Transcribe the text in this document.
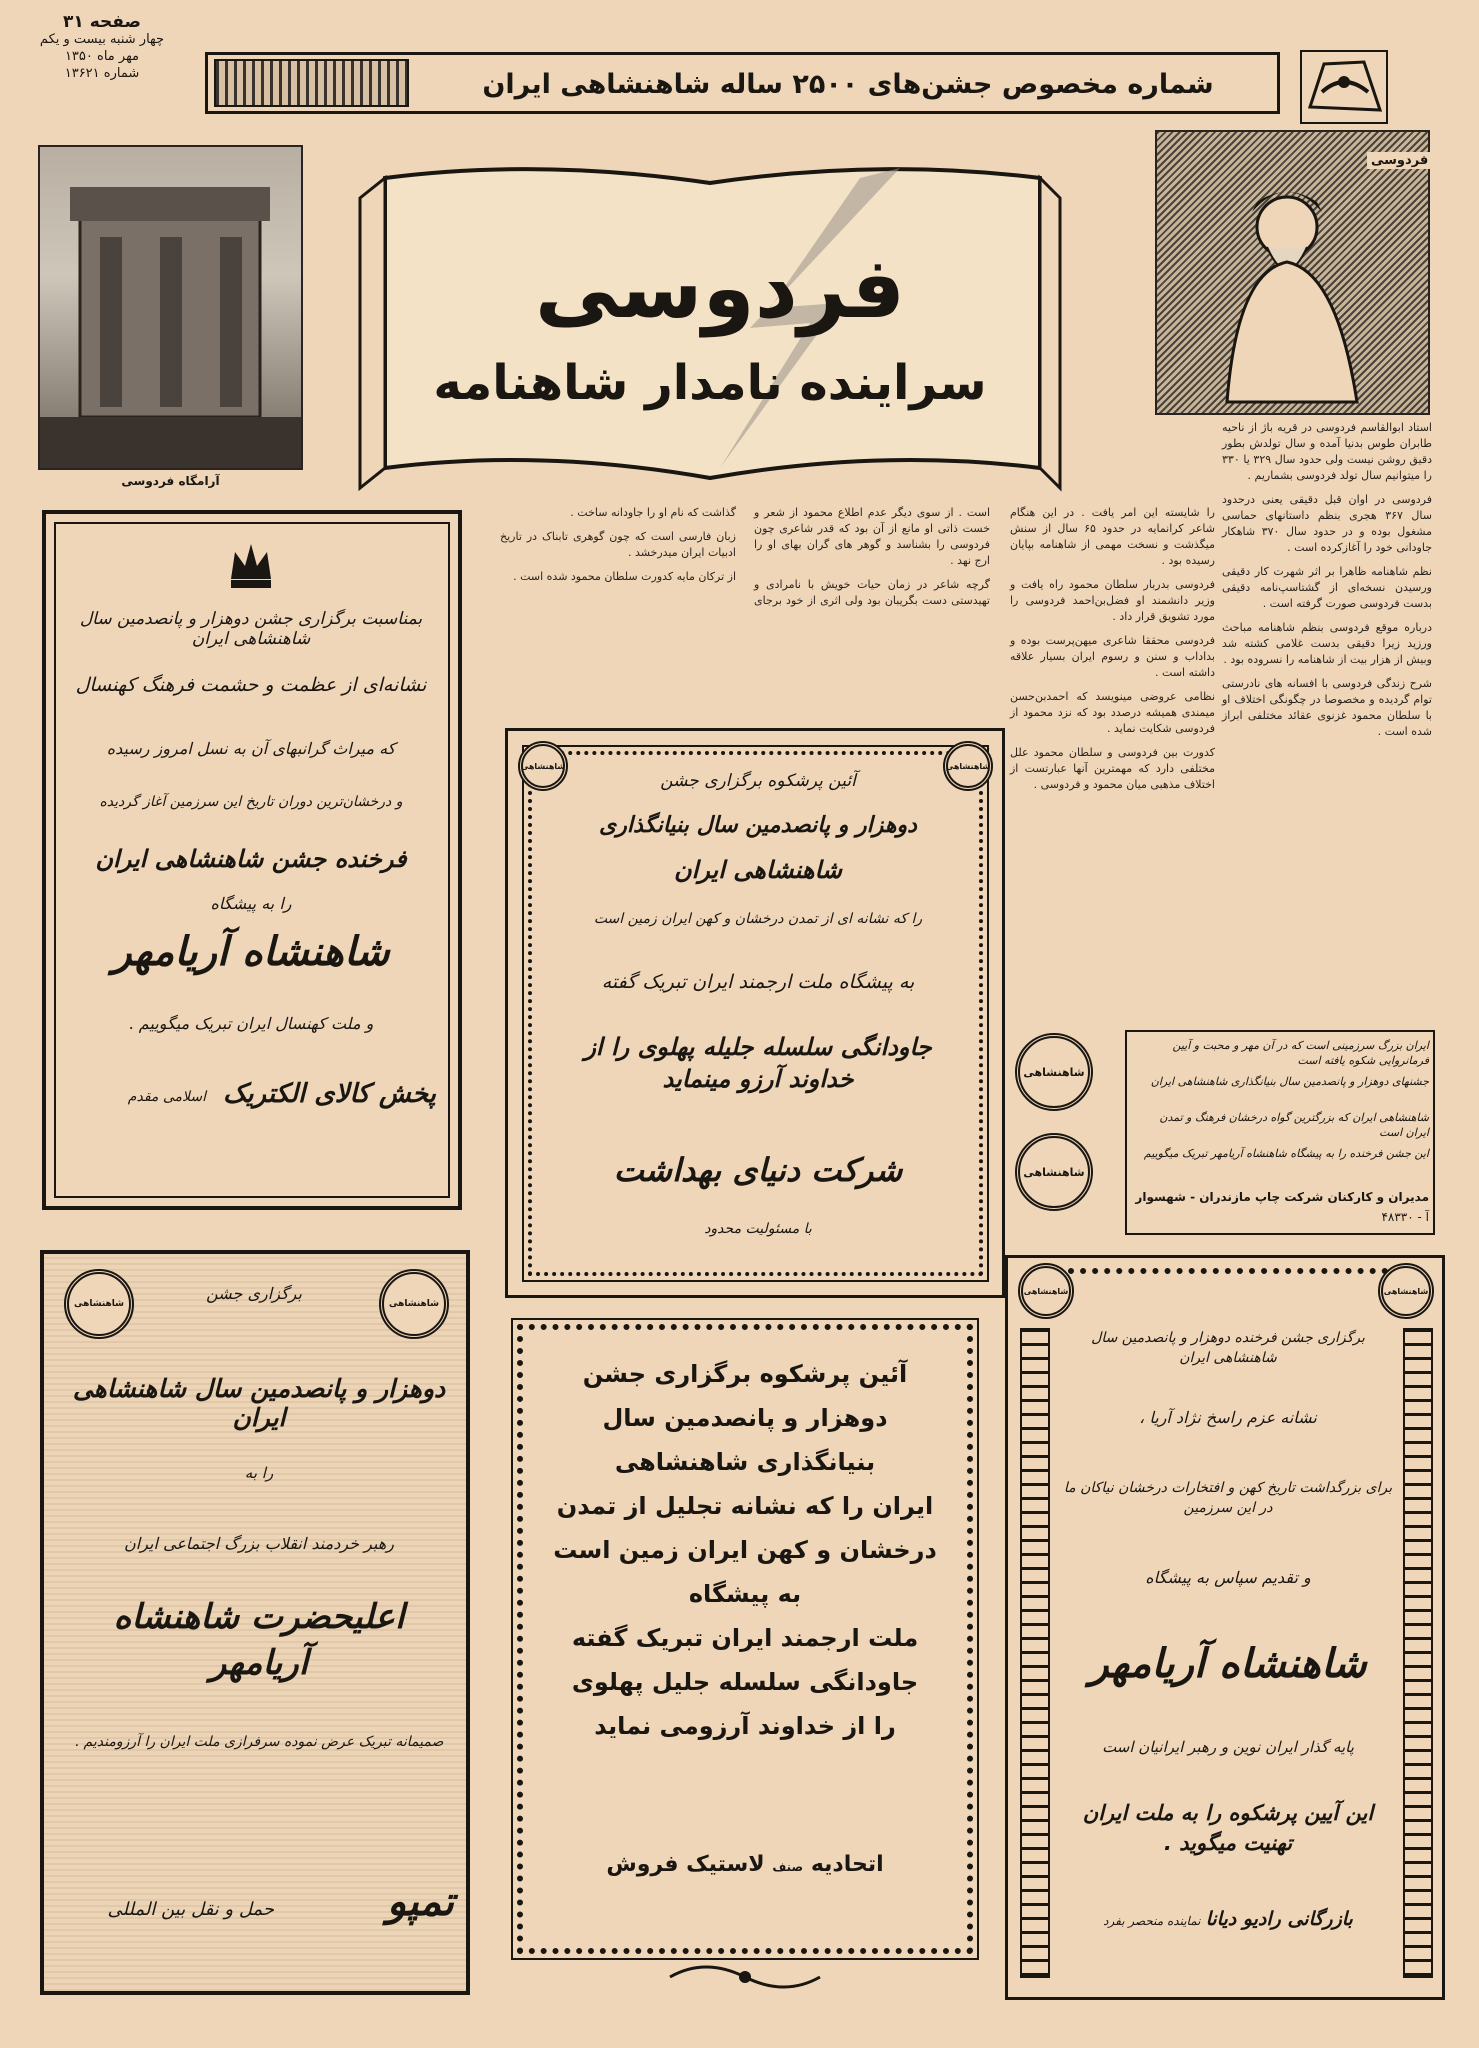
صفحه ۳۱
چهار شنبه بیست و یکم
مهر ماه ۱۳۵۰
شماره ۱۳۶۲۱	شماره مخصوص جشن‌های ۲۵۰۰ ساله شاهنشاهی ایران
آرامگاه فردوسی
فردوسی
سراینده نامدار شاهنامه
فردوسی

استاد ابوالقاسم فردوسی در قریه باژ از ناحیه طابران طوس بدنیا آمده و سال تولدش بطور دقیق روشن نیست ولی حدود سال ۳۲۹ یا ۳۳۰ را میتوانیم سال تولد فردوسی بشماریم .

فردوسی در اوان قبل دقیقی یعنی درحدود سال ۳۶۷ هجری بنظم داستانهای حماسی مشغول بوده و در حدود سال ۳۷۰ شاهکار جاودانی خود را آغازکرده است .

نظم شاهنامه ظاهرا بر اثر شهرت کار دقیقی ورسیدن نسخه‌ای از گشتاسپ‌نامه دقیقی بدست فردوسی صورت گرفته است .

درباره موقع فردوسی بنظم شاهنامه مباحث ورزید زیرا دقیقی بدست غلامی کشته شد وبیش از هزار بیت از شاهنامه را نسروده بود .

شرح زندگی فردوسی با افسانه های نادرستی توام گردیده و مخصوصا در چگونگی اختلاف او با سلطان محمود غزنوی عقائد مختلفی ابراز شده است .

را شایسته این امر یافت . در این هنگام شاعر کرانمایه در حدود ۶۵ سال از سنش میگذشت و نسخت مهمی از شاهنامه بپایان رسیده بود .

فردوسی بدربار سلطان محمود راه یافت و وزیر دانشمند او فضل‌بن‌احمد فردوسی را مورد تشویق قرار داد .

فردوسی محققا شاعری میهن‌پرست بوده و بداداب و سنن و رسوم ایران بسیار علاقه داشته است .

نظامی عروضی مینویسد که احمدبن‌حسن میمندی همیشه درصدد بود که نزد محمود از فردوسی شکایت نماید .

کدورت بین فردوسی و سلطان محمود علل مختلفی دارد که مهمترین آنها عبارتست از اختلاف مذهبی میان محمود و فردوسی .

است . از سوی دیگر عدم اطلاع محمود از شعر و خست ذاتی او مانع از آن بود که قدر شاعری چون فردوسی را بشناسد و گوهر های گران بهای او را ارج نهد .

گرچه شاعر در زمان حیات خویش با نامرادی و تهیدستی دست بگریبان بود ولی اثری از خود برجای گذاشت که نام او را جاودانه ساخت .

زبان فارسی است که چون گوهری تابناک در تاریخ ادبیات ایران میدرخشد .

از ترکان مایه کدورت سلطان محمود شده است .

بمناسبت برگزاری جشن دوهزار و پانصدمین سال شاهنشاهی ایران
نشانه‌ای از عظمت و حشمت فرهنگ کهنسال
که میراث گرانبهای آن به نسل امروز رسیده
و درخشان‌ترین دوران تاریخ این سرزمین آغاز گردیده
فرخنده جشن شاهنشاهی ایران
را به پیشگاه
شاهنشاه آریامهر
و ملت کهنسال ایران تبریک میگوییم .
پخش کالای الکتریک
اسلامی مقدم
شاهنشاهی	شاهنشاهی
آئین پرشکوه برگزاری جشن
دوهزار و پانصدمین سال بنیانگذاری
شاهنشاهی ایران
را که نشانه ای از تمدن درخشان و کهن ایران زمین است
به پیشگاه ملت ارجمند ایران تبریک گفته
جاودانگی سلسله جلیله پهلوی را از خداوند آرزو مینماید
شرکت دنیای بهداشت
با مسئولیت محدود
شاهنشاهی
شاهنشاهی
ایران بزرگ سرزمینی است که در آن مهر و محبت و آیین فرمانروایی شکوه یافته است
جشنهای دوهزار و پانصدمین سال بنیانگذاری شاهنشاهی ایران
شاهنشاهی ایران که بزرگترین گواه درخشان فرهنگ و تمدن ایران است
این جشن فرخنده را به پیشگاه شاهنشاه آریامهر تبریک میگوییم
مدیران و کارکنان شرکت چاپ مازندران - شهسوار
آ - ۴۸۳۳۰
شاهنشاهی	شاهنشاهی
برگزاری جشن
دوهزار و پانصدمین سال شاهنشاهی ایران
را به
رهبر خردمند انقلاب بزرگ اجتماعی ایران
اعلیحضرت شاهنشاه آریامهر
صمیمانه تبریک عرض نموده سرفرازی ملت ایران را آرزومندیم .
تمپو
حمل و نقل بین المللی
آئین پرشکوه برگزاری جشن
دوهزار و پانصدمین سال
بنیانگذاری شاهنشاهی
ایران را که نشانه تجلیل از تمدن
درخشان و کهن ایران زمین است
به پیشگاه
ملت ارجمند ایران تبریک گفته
جاودانگی سلسله جلیل پهلوی
را از خداوند آرزومی نماید
اتحادیه صنف لاستیک فروش
شاهنشاهی	شاهنشاهی
برگزاری جشن فرخنده دوهزار و پانصدمین سال شاهنشاهی ایران
نشانه عزم راسخ نژاد آریا ،
برای بزرگداشت تاریخ کهن و افتخارات درخشان نیاکان ما در این سرزمین
و تقدیم سپاس به پیشگاه
شاهنشاه آریامهر
پایه گذار ایران نوین و رهبر ایرانیان است
این آیین پرشکوه را به ملت ایران تهنیت میگوید .
بازرگانی رادیو دیانا نماینده منحصر بفرد
